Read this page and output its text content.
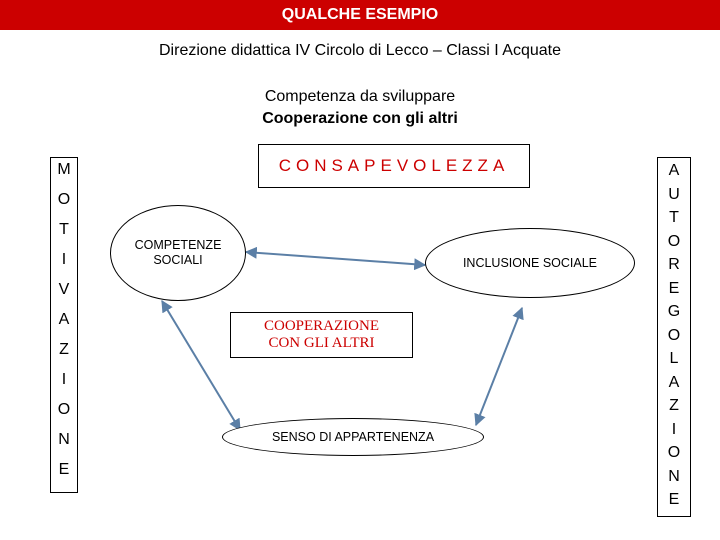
QUALCHE ESEMPIO
Direzione didattica IV Circolo di Lecco – Classi I Acquate
Competenza da sviluppare
Cooperazione con gli altri
M
O
T
I
V
A
Z
I
O
N
E
A
U
T
O
R
E
G
O
L
A
Z
I
O
N
E
CONSAPEVOLEZZA
COMPETENZE
SOCIALI	INCLUSIONE SOCIALE
COOPERAZIONE
CON GLI ALTRI
SENSO DI APPARTENENZA
